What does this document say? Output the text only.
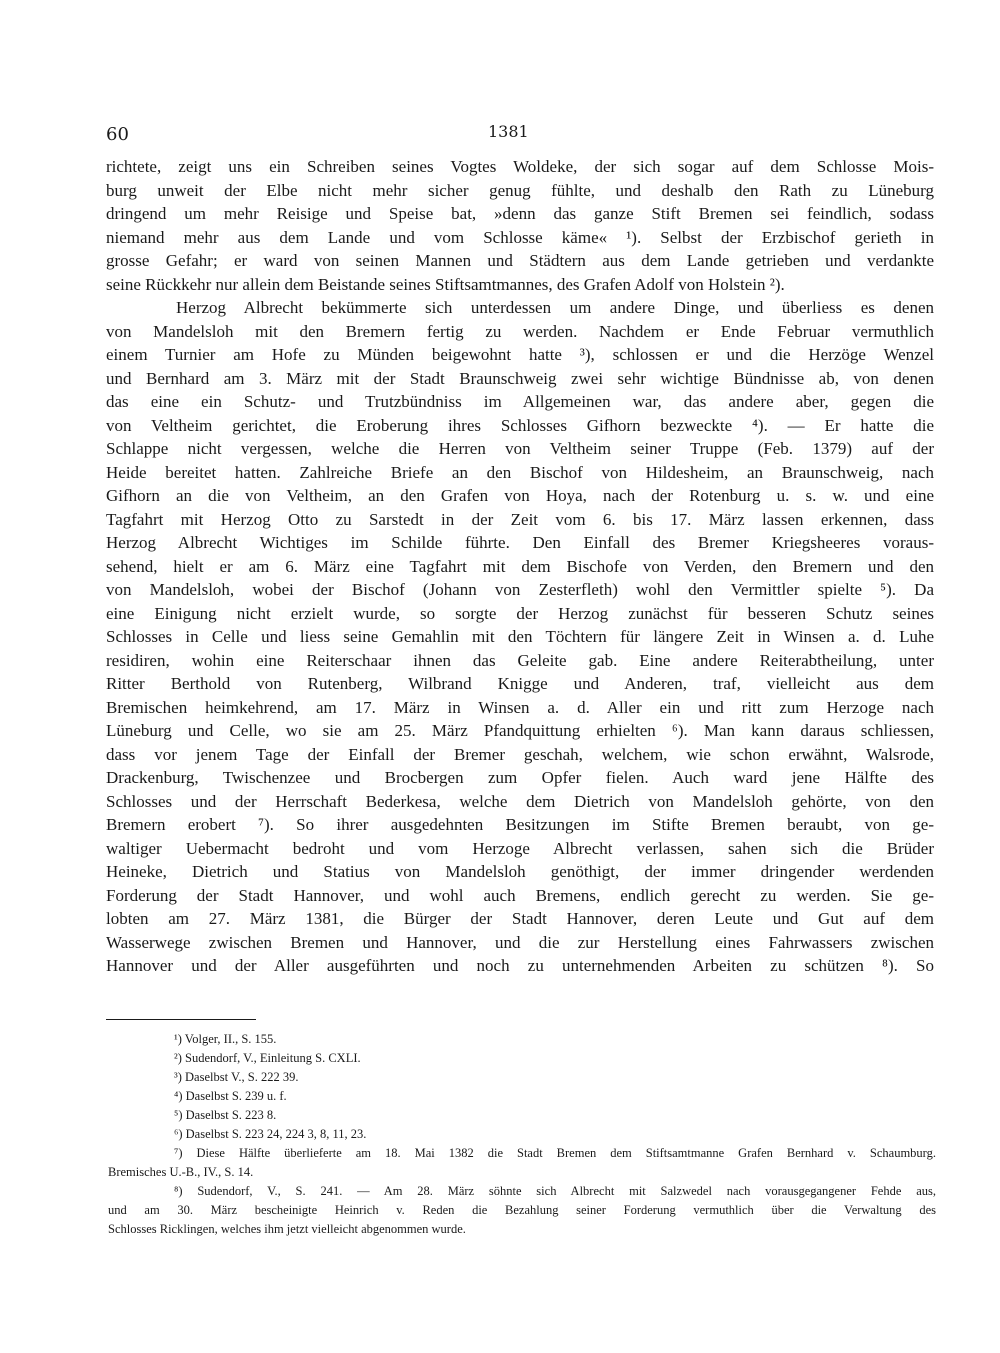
60	1381
richtete, zeigt uns ein Schreiben seines Vogtes Woldeke, der sich sogar auf dem Schlosse Mois-
burg unweit der Elbe nicht mehr sicher genug fühlte, und deshalb den Rath zu Lüneburg
dringend um mehr Reisige und Speise bat, »denn das ganze Stift Bremen sei feindlich, sodass
niemand mehr aus dem Lande und vom Schlosse käme« ¹). Selbst der Erzbischof gerieth in
grosse Gefahr; er ward von seinen Mannen und Städtern aus dem Lande getrieben und verdankte
seine Rückkehr nur allein dem Beistande seines Stiftsamtmannes, des Grafen Adolf von Holstein ²).
Herzog Albrecht bekümmerte sich unterdessen um andere Dinge, und überliess es denen
von Mandelsloh mit den Bremern fertig zu werden. Nachdem er Ende Februar vermuthlich
einem Turnier am Hofe zu Münden beigewohnt hatte ³), schlossen er und die Herzöge Wenzel
und Bernhard am 3. März mit der Stadt Braunschweig zwei sehr wichtige Bündnisse ab, von denen
das eine ein Schutz- und Trutzbündniss im Allgemeinen war, das andere aber, gegen die
von Veltheim gerichtet, die Eroberung ihres Schlosses Gifhorn bezweckte ⁴). — Er hatte die
Schlappe nicht vergessen, welche die Herren von Veltheim seiner Truppe (Feb. 1379) auf der
Heide bereitet hatten. Zahlreiche Briefe an den Bischof von Hildesheim, an Braunschweig, nach
Gifhorn an die von Veltheim, an den Grafen von Hoya, nach der Rotenburg u. s. w. und eine
Tagfahrt mit Herzog Otto zu Sarstedt in der Zeit vom 6. bis 17. März lassen erkennen, dass
Herzog Albrecht Wichtiges im Schilde führte. Den Einfall des Bremer Kriegsheeres voraus-
sehend, hielt er am 6. März eine Tagfahrt mit dem Bischofe von Verden, den Bremern und den
von Mandelsloh, wobei der Bischof (Johann von Zesterfleth) wohl den Vermittler spielte ⁵). Da
eine Einigung nicht erzielt wurde, so sorgte der Herzog zunächst für besseren Schutz seines
Schlosses in Celle und liess seine Gemahlin mit den Töchtern für längere Zeit in Winsen a. d. Luhe
residiren, wohin eine Reiterschaar ihnen das Geleite gab. Eine andere Reiterabtheilung, unter
Ritter Berthold von Rutenberg, Wilbrand Knigge und Anderen, traf, vielleicht aus dem
Bremischen heimkehrend, am 17. März in Winsen a. d. Aller ein und ritt zum Herzoge nach
Lüneburg und Celle, wo sie am 25. März Pfandquittung erhielten ⁶). Man kann daraus schliessen,
dass vor jenem Tage der Einfall der Bremer geschah, welchem, wie schon erwähnt, Walsrode,
Drackenburg, Twischenzee und Brocbergen zum Opfer fielen. Auch ward jene Hälfte des
Schlosses und der Herrschaft Bederkesa, welche dem Dietrich von Mandelsloh gehörte, von den
Bremern erobert ⁷). So ihrer ausgedehnten Besitzungen im Stifte Bremen beraubt, von ge-
waltiger Uebermacht bedroht und vom Herzoge Albrecht verlassen, sahen sich die Brüder
Heineke, Dietrich und Statius von Mandelsloh genöthigt, der immer dringender werdenden
Forderung der Stadt Hannover, und wohl auch Bremens, endlich gerecht zu werden. Sie ge-
lobten am 27. März 1381, die Bürger der Stadt Hannover, deren Leute und Gut auf dem
Wasserwege zwischen Bremen und Hannover, und die zur Herstellung eines Fahrwassers zwischen
Hannover und der Aller ausgeführten und noch zu unternehmenden Arbeiten zu schützen ⁸). So
¹) Volger, II., S. 155.
²) Sudendorf, V., Einleitung S. CXLI.
³) Daselbst V., S. 222 39.
⁴) Daselbst S. 239 u. f.
⁵) Daselbst S. 223 8.
⁶) Daselbst S. 223 24, 224 3, 8, 11, 23.
⁷) Diese Hälfte überlieferte am 18. Mai 1382 die Stadt Bremen dem Stiftsamtmanne Grafen Bernhard v. Schaumburg.
Bremisches U.-B., IV., S. 14.
⁸) Sudendorf, V., S. 241. — Am 28. März söhnte sich Albrecht mit Salzwedel nach vorausgegangener Fehde aus,
und am 30. März bescheinigte Heinrich v. Reden die Bezahlung seiner Forderung vermuthlich über die Verwaltung des
Schlosses Ricklingen, welches ihm jetzt vielleicht abgenommen wurde.
